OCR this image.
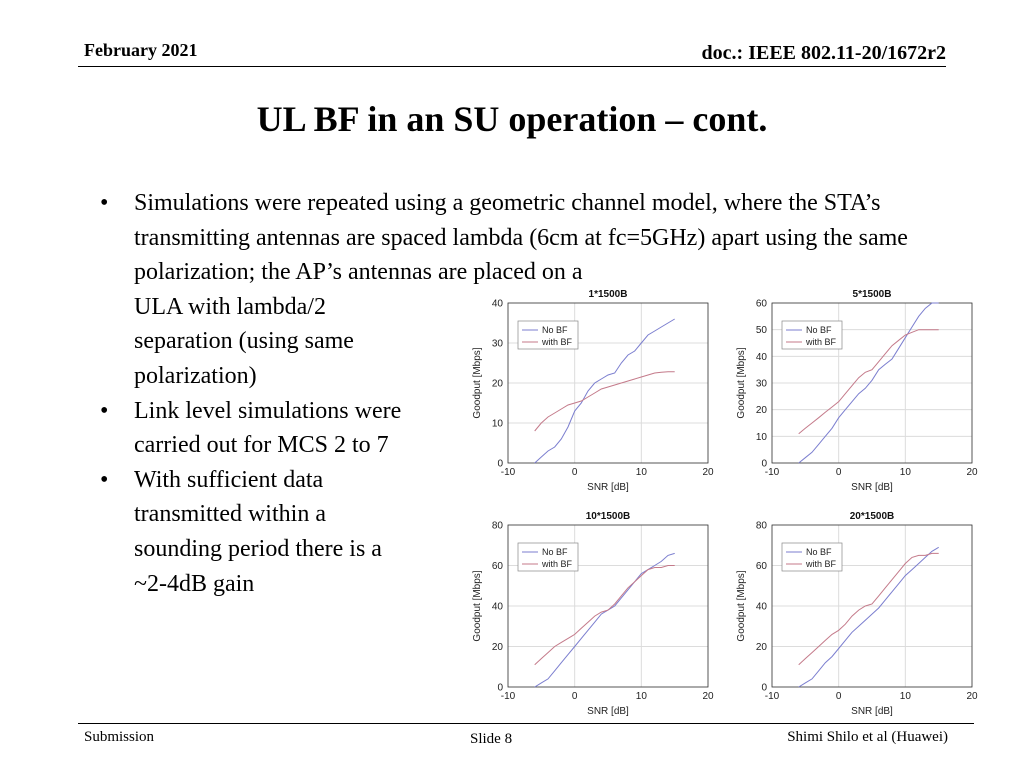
February 2021	doc.: IEEE 802.11-20/1672r2
UL BF in an SU operation – cont.
• Simulations were repeated using a geometric channel model, where the STA’s transmitting antennas are spaced lambda (6cm at fc=5GHz) apart using the same polarization; the AP’s antennas are placed on a
ULA with lambda/2 separation (using same polarization)
• Link level simulations were carried out for MCS 2 to 7
• With sufficient data transmitted within a sounding period there is a ~2-4dB gain
-10	0	10	20
0
10
20
30
40
1*1500B
SNR [dB]
Goodput [Mbps]
No BF
with BF
-10	0	10	20
0
10
20
30
40
50
60
5*1500B
SNR [dB]
Goodput [Mbps]
No BF
with BF
-10	0	10	20
0
20
40
60
80
10*1500B
SNR [dB]
Goodput [Mbps]
No BF
with BF
-10	0	10	20
0
20
40
60
80
20*1500B
SNR [dB]
Goodput [Mbps]
No BF
with BF
Submission	Slide 8	Shimi Shilo et al (Huawei)
